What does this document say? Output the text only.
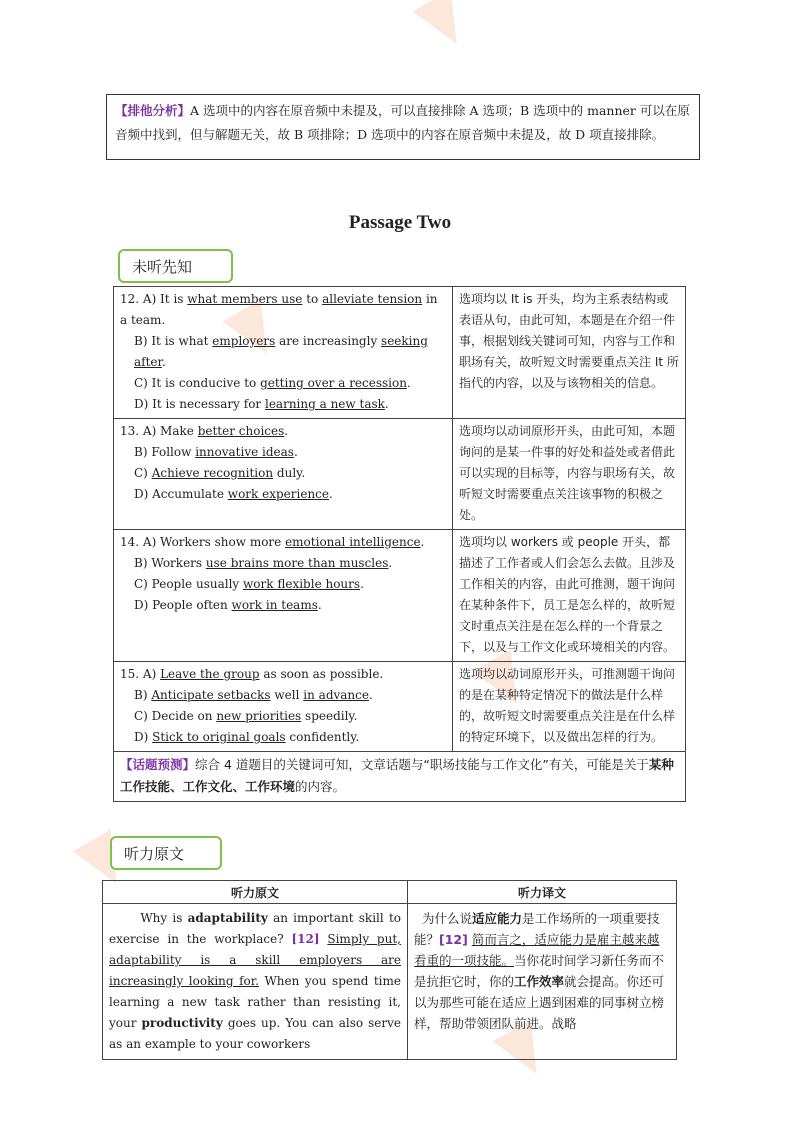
【排他分析】A 选项中的内容在原音频中未提及，可以直接排除 A 选项；B 选项中的 manner 可以在原音频中找到，但与解题无关，故 B 项排除；D 选项中的内容在原音频中未提及，故 D 项直接排除。
Passage Two
未听先知
12. A) It is what members use to alleviate tension in a team.
B) It is what employers are increasingly seeking after.
C) It is conducive to getting over a recession.
D) It is necessary for learning a new task.	选项均以 It is 开头，均为主系表结构或表语从句，由此可知，本题是在介绍一件事，根据划线关键词可知，内容与工作和职场有关，故听短文时需要重点关注 It 所指代的内容，以及与该物相关的信息。

13. A) Make better choices.
B) Follow innovative ideas.
C) Achieve recognition duly.
D) Accumulate work experience.	选项均以动词原形开头，由此可知，本题询问的是某一件事的好处和益处或者借此可以实现的目标等，内容与职场有关，故听短文时需要重点关注该事物的积极之处。

14. A) Workers show more emotional intelligence.
B) Workers use brains more than muscles.
C) People usually work flexible hours.
D) People often work in teams.	选项均以 workers 或 people 开头，都描述了工作者或人们会怎么去做。且涉及工作相关的内容，由此可推测，题干询问在某种条件下，员工是怎么样的，故听短文时重点关注是在怎么样的一个背景之下，以及与工作文化或环境相关的内容。

15. A) Leave the group as soon as possible.
B) Anticipate setbacks well in advance.
C) Decide on new priorities speedily.
D) Stick to original goals confidently.	选项均以动词原形开头，可推测题干询问的是在某种特定情况下的做法是什么样的，故听短文时需要重点关注是在什么样的特定环境下，以及做出怎样的行为。
【话题预测】综合 4 道题目的关键词可知，文章话题与“职场技能与工作文化”有关，可能是关于某种工作技能、工作文化、工作环境的内容。	
听力原文
听力原文	听力译文
Why is adaptability an important skill to exercise in the workplace? [12] Simply put, adaptability is a skill employers are increasingly looking for. When you spend time learning a new task rather than resisting it, your productivity goes up. You can also serve as an example to your coworkers	为什么说适应能力是工作场所的一项重要技能？[12] 简而言之，适应能力是雇主越来越看重的一项技能。当你花时间学习新任务而不是抗拒它时，你的工作效率就会提高。你还可以为那些可能在适应上遇到困难的同事树立榜样，帮助带领团队前进。战略
